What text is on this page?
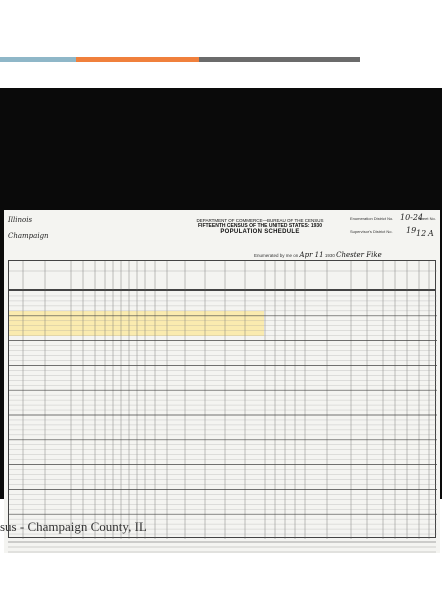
Illinois
Champaign
DEPARTMENT OF COMMERCE—BUREAU OF THE CENSUS
FIFTEENTH CENSUS OF THE UNITED STATES: 1930
POPULATION SCHEDULE
Enumeration District No. 10-24
Supervisor's District No. 19
Sheet No.
12 A
Enumerated by me on Apr 11 1930 Chester Fike
sus - Champaign County, IL
